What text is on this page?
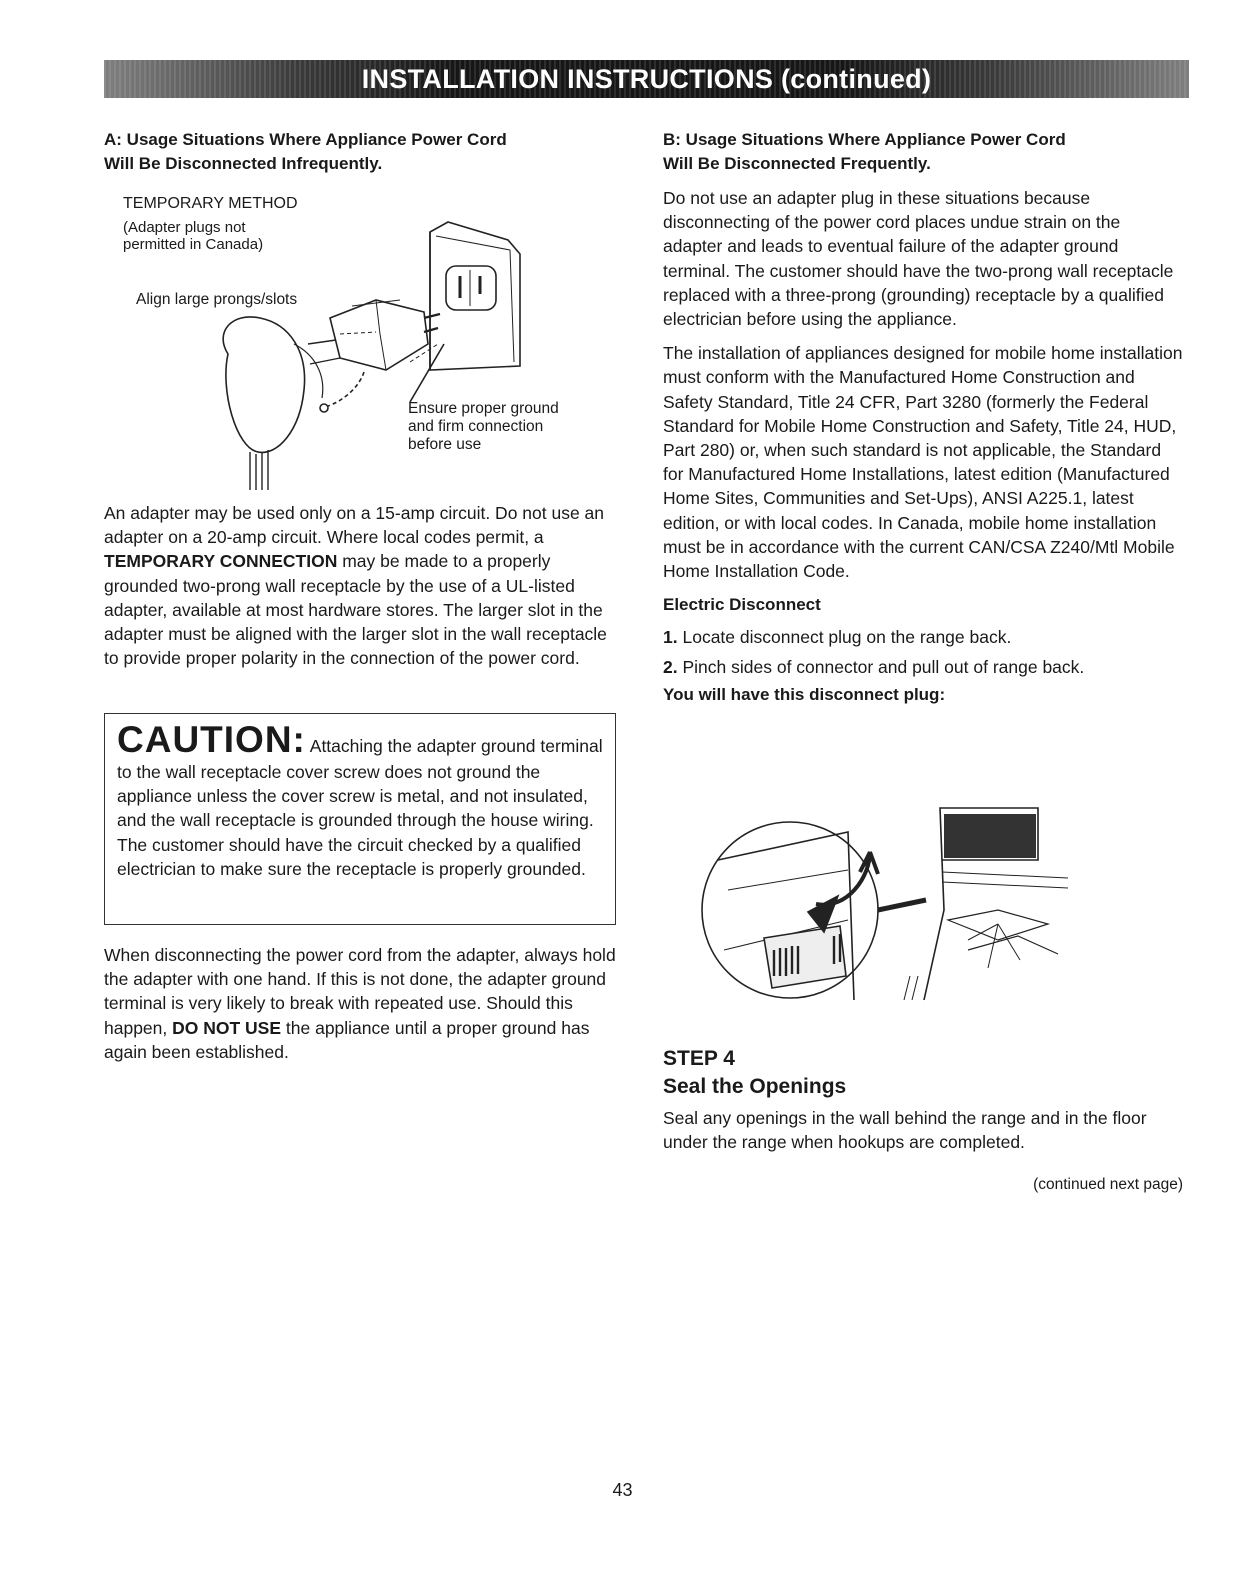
INSTALLATION INSTRUCTIONS (continued)

A: Usage Situations Where Appliance Power Cord

Will Be Disconnected Infrequently.

TEMPORARY METHOD
(Adapter plugs not
permitted in Canada)
Align large prongs/slots
Ensure proper ground
and firm connection
before use

An adapter may be used only on a 15-amp circuit. Do not use an adapter on a 20-amp circuit. Where local codes permit, a TEMPORARY CONNECTION may be made to a properly grounded two-prong wall receptacle by the use of a UL-listed adapter, available at most hardware stores. The larger slot in the adapter must be aligned with the larger slot in the wall receptacle to provide proper polarity in the connection of the power cord.

CAUTION: Attaching the adapter ground terminal to the wall receptacle cover screw does not ground the appliance unless the cover screw is metal, and not insulated, and the wall receptacle is grounded through the house wiring. The customer should have the circuit checked by a qualified electrician to make sure the receptacle is properly grounded.

When disconnecting the power cord from the adapter, always hold the adapter with one hand. If this is not done, the adapter ground terminal is very likely to break with repeated use. Should this happen, DO NOT USE the appliance until a proper ground has again been established.

B: Usage Situations Where Appliance Power Cord

Will Be Disconnected Frequently.

Do not use an adapter plug in these situations because disconnecting of the power cord places undue strain on the adapter and leads to eventual failure of the adapter ground terminal. The customer should have the two-prong wall receptacle replaced with a three-prong (grounding) receptacle by a qualified electrician before using the appliance.

The installation of appliances designed for mobile home installation must conform with the Manufactured Home Construction and Safety Standard, Title 24 CFR, Part 3280 (formerly the Federal Standard for Mobile Home Construction and Safety, Title 24, HUD, Part 280) or, when such standard is not applicable, the Standard for Manufactured Home Installations, latest edition (Manufactured Home Sites, Communities and Set-Ups), ANSI A225.1, latest edition, or with local codes. In Canada, mobile home installation must be in accordance with the current CAN/CSA Z240/Mtl Mobile Home Installation Code.

Electric Disconnect

1. Locate disconnect plug on the range back.

2. Pinch sides of connector and pull out of range back.

You will have this disconnect plug:

STEP 4
Seal the Openings

Seal any openings in the wall behind the range and in the floor under the range when hookups are completed.

(continued next page)
43
